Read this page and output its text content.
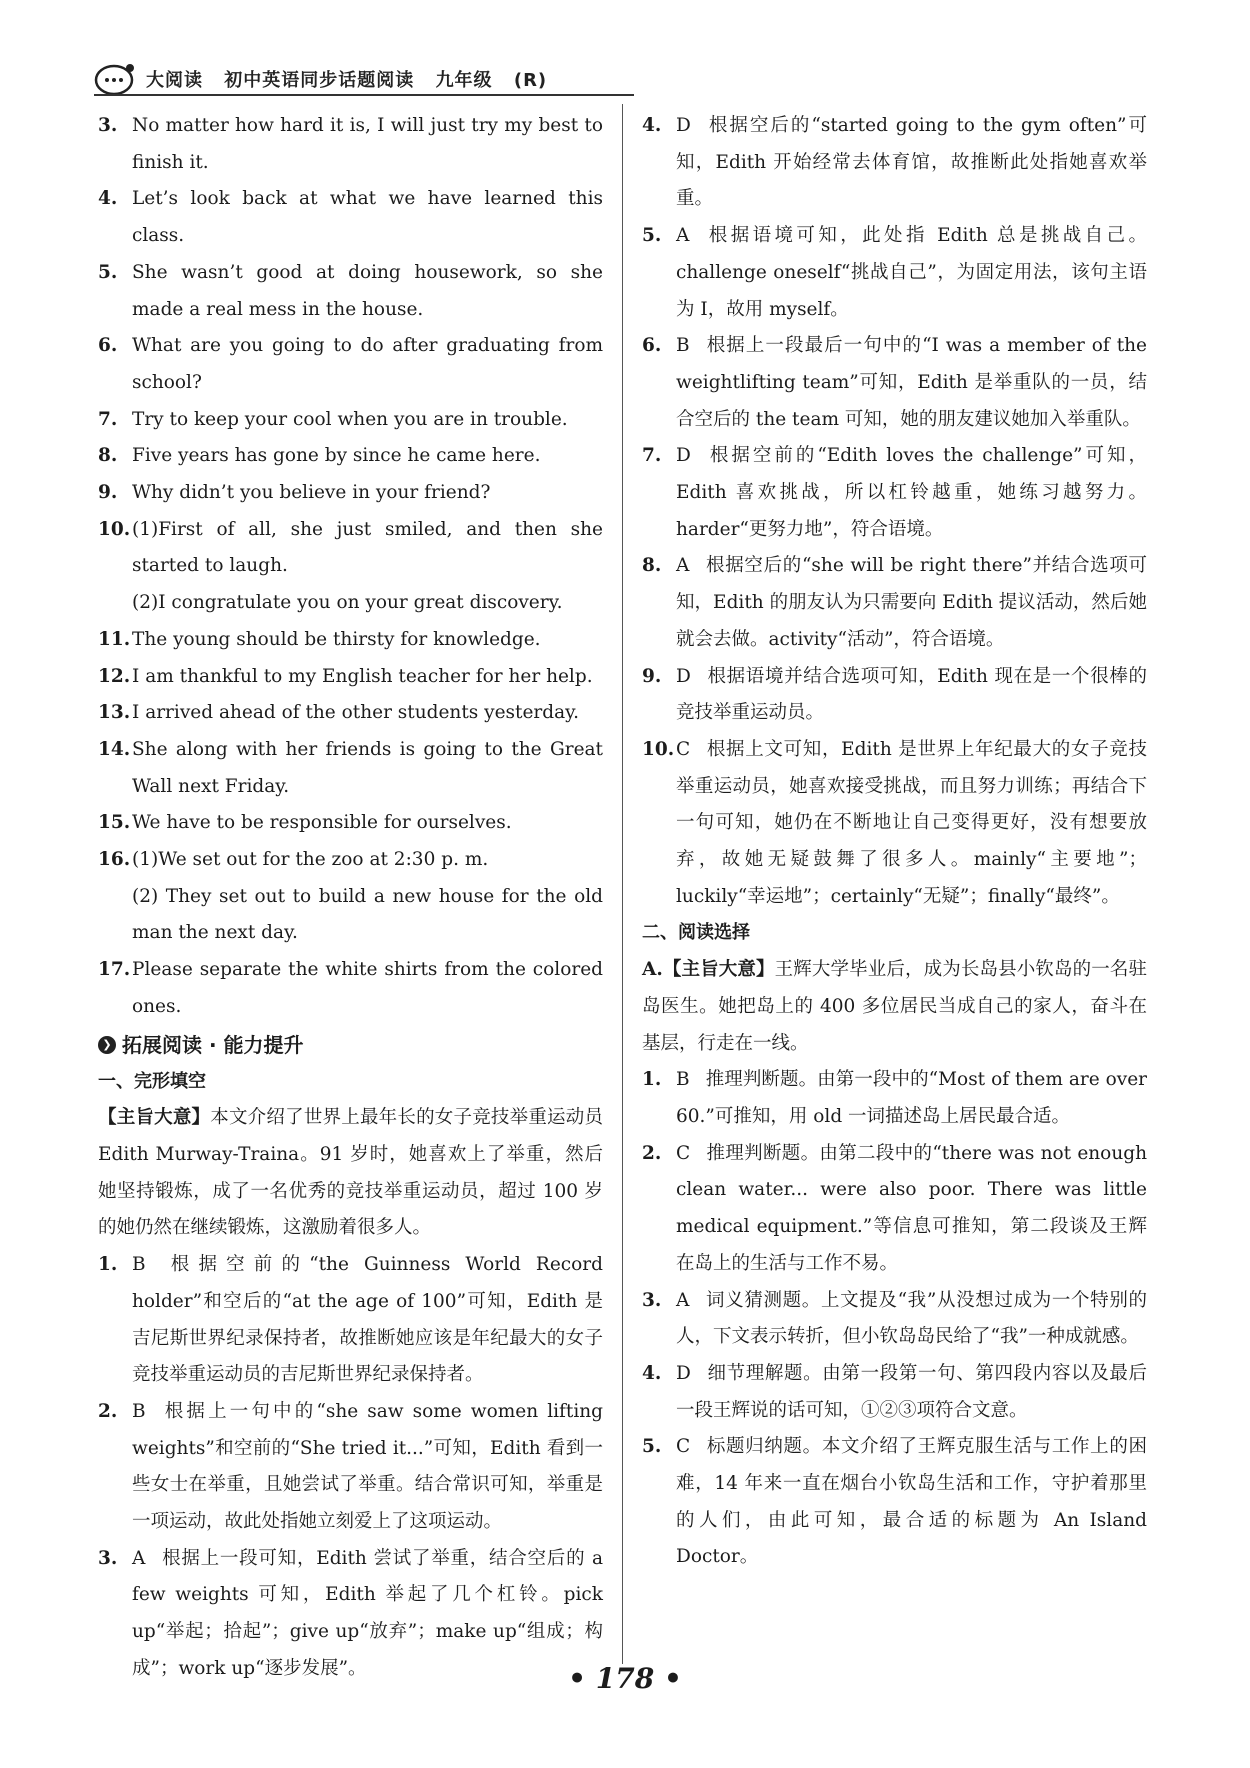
大阅读 初中英语同步话题阅读 九年级 (R)
3. No matter how hard it is, I will just try my best to finish it.
4. Let’s look back at what we have learned this class.
5. She wasn’t good at doing housework, so she made a real mess in the house.
6. What are you going to do after graduating from school?
7. Try to keep your cool when you are in trouble.
8. Five years has gone by since he came here.
9. Why didn’t you believe in your friend?
10. (1)First of all, she just smiled, and then she started to laugh.
(2)I congratulate you on your great discovery.
11. The young should be thirsty for knowledge.
12. I am thankful to my English teacher for her help.
13. I arrived ahead of the other students yesterday.
14. She along with her friends is going to the Great Wall next Friday.
15. We have to be responsible for ourselves.
16. (1)We set out for the zoo at 2:30 p. m.
(2) They set out to build a new house for the old man the next day.
17. Please separate the white shirts from the colored ones.
❯ 拓展阅读 · 能力提升
一、完形填空
【主旨大意】本文介绍了世界上最年长的女子竞技举重运动员 Edith Murway-Traina。91 岁时，她喜欢上了举重，然后她坚持锻炼，成了一名优秀的竞技举重运动员，超过 100 岁的她仍然在继续锻炼，这激励着很多人。
1. B 根据空前的“the Guinness World Record holder”和空后的“at the age of 100”可知，Edith 是吉尼斯世界纪录保持者，故推断她应该是年纪最大的女子竞技举重运动员的吉尼斯世界纪录保持者。
2. B 根据上一句中的“she saw some women lifting weights”和空前的“She tried it...”可知，Edith 看到一些女士在举重，且她尝试了举重。结合常识可知，举重是一项运动，故此处指她立刻爱上了这项运动。
3. A 根据上一段可知，Edith 尝试了举重，结合空后的 a few weights 可知，Edith 举起了几个杠铃。pick up“举起；拾起”；give up“放弃”；make up“组成；构成”；work up“逐步发展”。
4. D 根据空后的“started going to the gym often”可知，Edith 开始经常去体育馆，故推断此处指她喜欢举重。
5. A 根据语境可知，此处指 Edith 总是挑战自己。challenge oneself“挑战自己”，为固定用法，该句主语为 I，故用 myself。
6. B 根据上一段最后一句中的“I was a member of the weightlifting team”可知，Edith 是举重队的一员，结合空后的 the team 可知，她的朋友建议她加入举重队。
7. D 根据空前的“Edith loves the challenge”可知，Edith 喜欢挑战，所以杠铃越重，她练习越努力。harder“更努力地”，符合语境。
8. A 根据空后的“she will be right there”并结合选项可知，Edith 的朋友认为只需要向 Edith 提议活动，然后她就会去做。activity“活动”，符合语境。
9. D 根据语境并结合选项可知，Edith 现在是一个很棒的竞技举重运动员。
10. C 根据上文可知，Edith 是世界上年纪最大的女子竞技举重运动员，她喜欢接受挑战，而且努力训练；再结合下一句可知，她仍在不断地让自己变得更好，没有想要放弃，故她无疑鼓舞了很多人。mainly“主要地”；luckily“幸运地”；certainly“无疑”；finally“最终”。
二、阅读选择
A.【主旨大意】王辉大学毕业后，成为长岛县小钦岛的一名驻岛医生。她把岛上的 400 多位居民当成自己的家人，奋斗在基层，行走在一线。
1. B 推理判断题。由第一段中的“Most of them are over 60.”可推知，用 old 一词描述岛上居民最合适。
2. C 推理判断题。由第二段中的“there was not enough clean water... were also poor. There was little medical equipment.”等信息可推知，第二段谈及王辉在岛上的生活与工作不易。
3. A 词义猜测题。上文提及“我”从没想过成为一个特别的人，下文表示转折，但小钦岛岛民给了“我”一种成就感。
4. D 细节理解题。由第一段第一句、第四段内容以及最后一段王辉说的话可知，①②③项符合文意。
5. C 标题归纳题。本文介绍了王辉克服生活与工作上的困难，14 年来一直在烟台小钦岛生活和工作，守护着那里的人们，由此可知，最合适的标题为 An Island Doctor。
• 178 •
